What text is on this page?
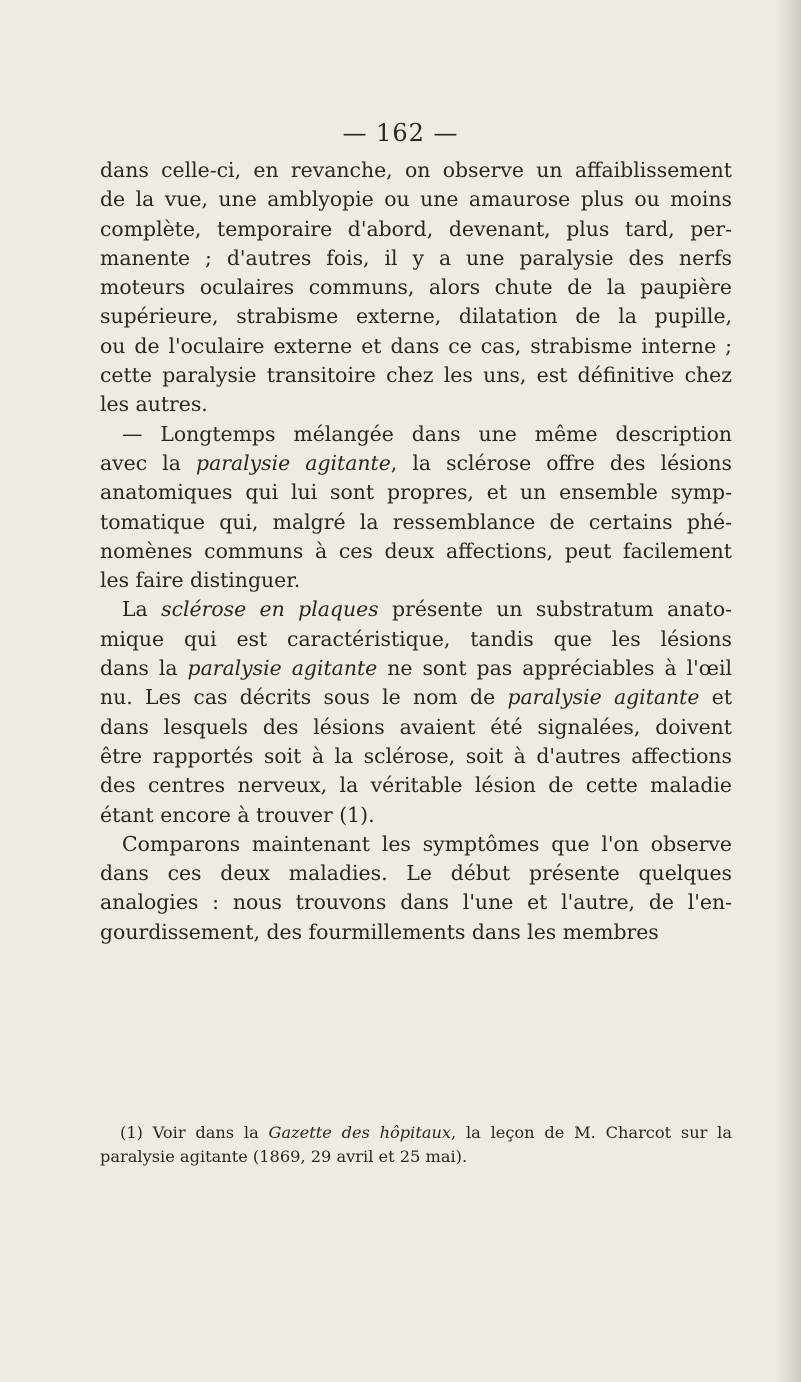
— 162 —
dans celle-ci, en revanche, on observe un affaiblissement
de la vue, une amblyopie ou une amaurose plus ou moins
complète, temporaire d'abord, devenant, plus tard, per-
manente ; d'autres fois, il y a une paralysie des nerfs
moteurs oculaires communs, alors chute de la paupière
supérieure, strabisme externe, dilatation de la pupille,
ou de l'oculaire externe et dans ce cas, strabisme interne ;
cette paralysie transitoire chez les uns, est définitive chez
les autres.
— Longtemps mélangée dans une même description
avec la paralysie agitante, la sclérose offre des lésions
anatomiques qui lui sont propres, et un ensemble symp-
tomatique qui, malgré la ressemblance de certains phé-
nomènes communs à ces deux affections, peut facilement
les faire distinguer.
La sclérose en plaques présente un substratum anato-
mique qui est caractéristique, tandis que les lésions
dans la paralysie agitante ne sont pas appréciables à l'œil
nu. Les cas décrits sous le nom de paralysie agitante et
dans lesquels des lésions avaient été signalées, doivent
être rapportés soit à la sclérose, soit à d'autres affections
des centres nerveux, la véritable lésion de cette maladie
étant encore à trouver (1).
Comparons maintenant les symptômes que l'on observe
dans ces deux maladies. Le début présente quelques
analogies : nous trouvons dans l'une et l'autre, de l'en-
gourdissement, des fourmillements dans les membres
(1) Voir dans la Gazette des hôpitaux, la leçon de M. Charcot sur la
paralysie agitante (1869, 29 avril et 25 mai).
